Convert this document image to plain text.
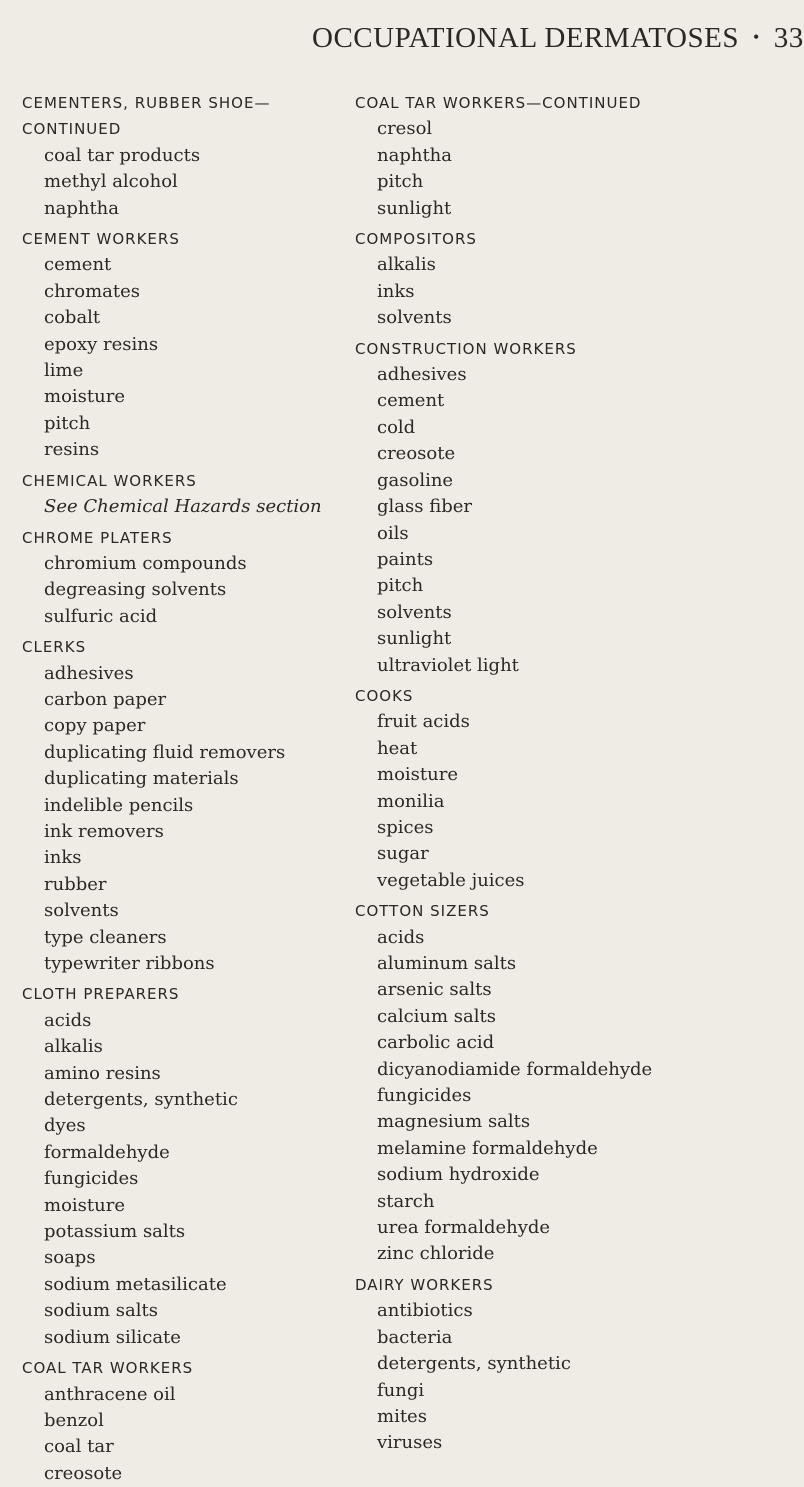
OCCUPATIONAL DERMATOSES • 33
CEMENTERS, RUBBER SHOE—CONTINUED
coal tar products
methyl alcohol
naphtha
CEMENT WORKERS
cement
chromates
cobalt
epoxy resins
lime
moisture
pitch
resins
CHEMICAL WORKERS
See Chemical Hazards section
CHROME PLATERS
chromium compounds
degreasing solvents
sulfuric acid
CLERKS
adhesives
carbon paper
copy paper
duplicating fluid removers
duplicating materials
indelible pencils
ink removers
inks
rubber
solvents
type cleaners
typewriter ribbons
CLOTH PREPARERS
acids
alkalis
amino resins
detergents, synthetic
dyes
formaldehyde
fungicides
moisture
potassium salts
soaps
sodium metasilicate
sodium salts
sodium silicate
COAL TAR WORKERS
anthracene oil
benzol
coal tar
creosote
COAL TAR WORKERS—CONTINUED
cresol
naphtha
pitch
sunlight
COMPOSITORS
alkalis
inks
solvents
CONSTRUCTION WORKERS
adhesives
cement
cold
creosote
gasoline
glass fiber
oils
paints
pitch
solvents
sunlight
ultraviolet light
COOKS
fruit acids
heat
moisture
monilia
spices
sugar
vegetable juices
COTTON SIZERS
acids
aluminum salts
arsenic salts
calcium salts
carbolic acid
dicyanodiamide formaldehyde
fungicides
magnesium salts
melamine formaldehyde
sodium hydroxide
starch
urea formaldehyde
zinc chloride
DAIRY WORKERS
antibiotics
bacteria
detergents, synthetic
fungi
mites
viruses
